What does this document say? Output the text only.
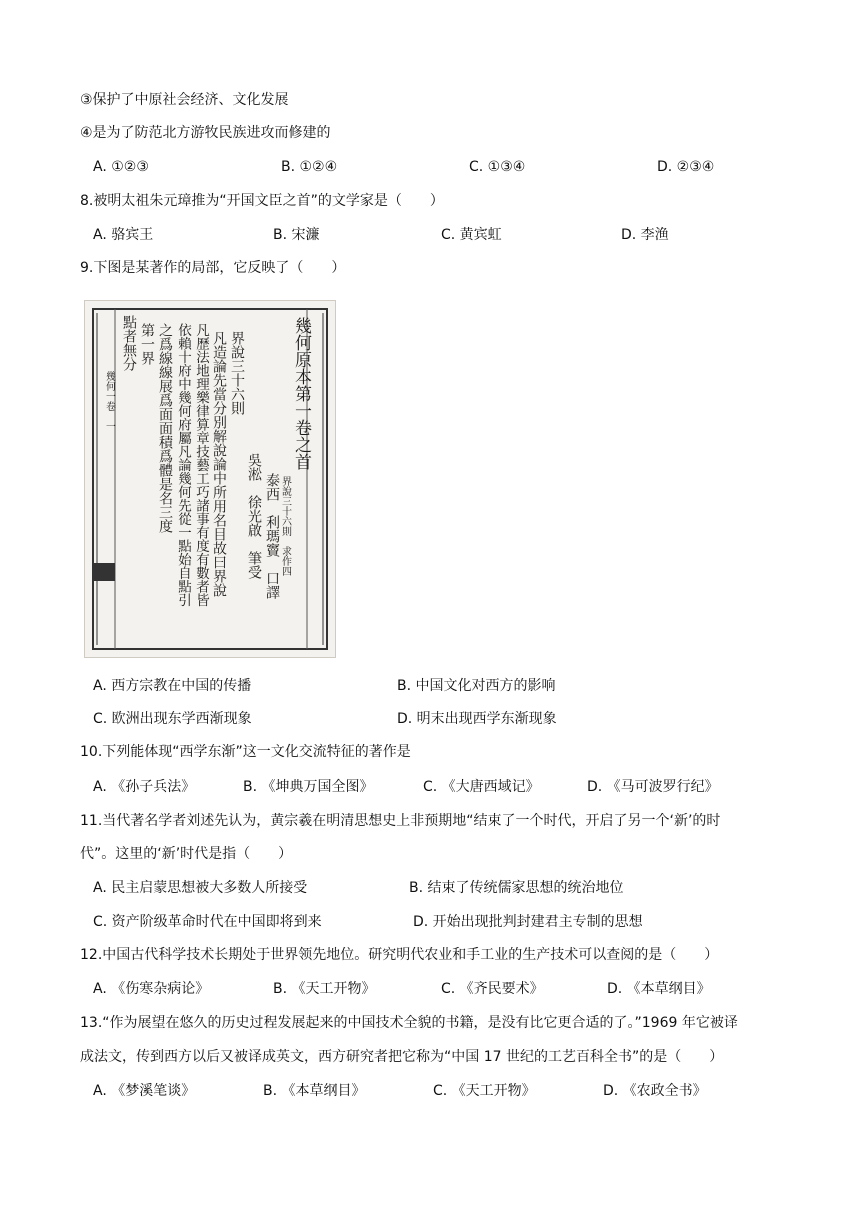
③保护了中原社会经济、文化发展
④是为了防范北方游牧民族进攻而修建的
A. ①②③	B. ①②④	C. ①③④	D. ②③④
8.被明太祖朱元璋推为“开国文臣之首”的文学家是（　　）
A. 骆宾王	B. 宋濂	C. 黄宾虹	D. 李渔
9.下图是某著作的局部，它反映了（　　）
幾何原本第一卷之首
界說三十六則　求作四
泰西　利瑪竇　口譯
吳淞　徐光啟　筆受
界說三十六則
凡造論先當分別解說論中所用名目故曰界說
凡歷法地理樂律算章技藝工巧諸事有度有數者皆
依賴十府中幾何府屬凡論幾何先從一點始自點引
之爲線線展爲面面積爲體是名三度
第一界
點者無分
幾何一卷　一
A. 西方宗教在中国的传播	B. 中国文化对西方的影响
C. 欧洲出现东学西渐现象	D. 明末出现西学东渐现象
10.下列能体现“西学东渐”这一文化交流特征的著作是
A. 《孙子兵法》	B. 《坤典万国全图》	C. 《大唐西域记》	D. 《马可波罗行纪》
11.当代著名学者刘述先认为，黄宗羲在明清思想史上非预期地“结束了一个时代，开启了另一个‘新’的时
代”。这里的‘新’时代是指（　　）
A. 民主启蒙思想被大多数人所接受	B. 结束了传统儒家思想的统治地位
C. 资产阶级革命时代在中国即将到来	D. 开始出现批判封建君主专制的思想
12.中国古代科学技术长期处于世界领先地位。研究明代农业和手工业的生产技术可以查阅的是（　　）
A. 《伤寒杂病论》	B. 《天工开物》	C. 《齐民要术》	D. 《本草纲目》
13.“作为展望在悠久的历史过程发展起来的中国技术全貌的书籍，是没有比它更合适的了。”1969 年它被译
成法文，传到西方以后又被译成英文，西方研究者把它称为“中国 17 世纪的工艺百科全书”的是（　　）
A. 《梦溪笔谈》	B. 《本草纲目》	C. 《天工开物》	D. 《农政全书》
